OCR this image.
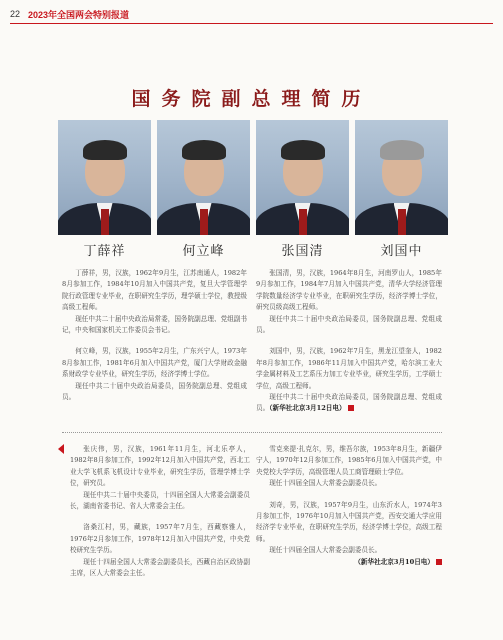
22 2023年全国两会特别报道
国务院副总理简历
丁薛祥	何立峰	张国清	刘国中

丁薛祥，男，汉族，1962年9月生，江苏南通人，1982年8月参加工作，1984年10月加入中国共产党，复旦大学管理学院行政管理专业毕业，在职研究生学历，理学硕士学位，教授级高级工程师。

现任中共二十届中央政治局常委，国务院副总理、党组副书记，中央和国家机关工作委员会书记。

何立峰，男，汉族，1955年2月生，广东兴宁人，1973年8月参加工作，1981年6月加入中国共产党，厦门大学财政金融系财政学专业毕业，研究生学历，经济学博士学位。

现任中共二十届中央政治局委员，国务院副总理、党组成员。

张国清，男，汉族，1964年8月生，河南罗山人，1985年9月参加工作，1984年7月加入中国共产党，清华大学经济管理学院数量经济学专业毕业，在职研究生学历，经济学博士学位，研究员级高级工程师。

现任中共二十届中央政治局委员，国务院副总理、党组成员。

刘国中，男，汉族，1962年7月生，黑龙江望奎人，1982年8月参加工作，1986年11月加入中国共产党，哈尔滨工业大学金属材料及工艺系压力加工专业毕业，研究生学历，工学硕士学位，高级工程师。

现任中共二十届中央政治局委员，国务院副总理、党组成员。（新华社北京3月12日电）

张庆伟，男，汉族，1961年11月生，河北乐亭人，1982年8月参加工作，1992年12月加入中国共产党，西北工业大学飞机系飞机设计专业毕业，研究生学历，管理学博士学位，研究员。

现任中共二十届中央委员，十四届全国人大常委会副委员长，湖南省委书记、省人大常委会主任。

洛桑江村，男，藏族，1957年7月生，西藏察雅人，1976年2月参加工作，1978年12月加入中国共产党，中央党校研究生学历。

现任十四届全国人大常委会副委员长，西藏自治区政协副主席，区人大常委会主任。

雪克来提·扎克尔，男，维吾尔族，1953年8月生，新疆伊宁人，1970年12月参加工作，1985年6月加入中国共产党，中央党校大学学历，高级管理人员工商管理硕士学位。

现任十四届全国人大常委会副委员长。

刘奇，男，汉族，1957年9月生，山东沂水人，1974年3月参加工作，1976年10月加入中国共产党，西安交通大学应用经济学专业毕业，在职研究生学历，经济学博士学位，高级工程师。

现任十四届全国人大常委会副委员长。

（新华社北京3月10日电）
